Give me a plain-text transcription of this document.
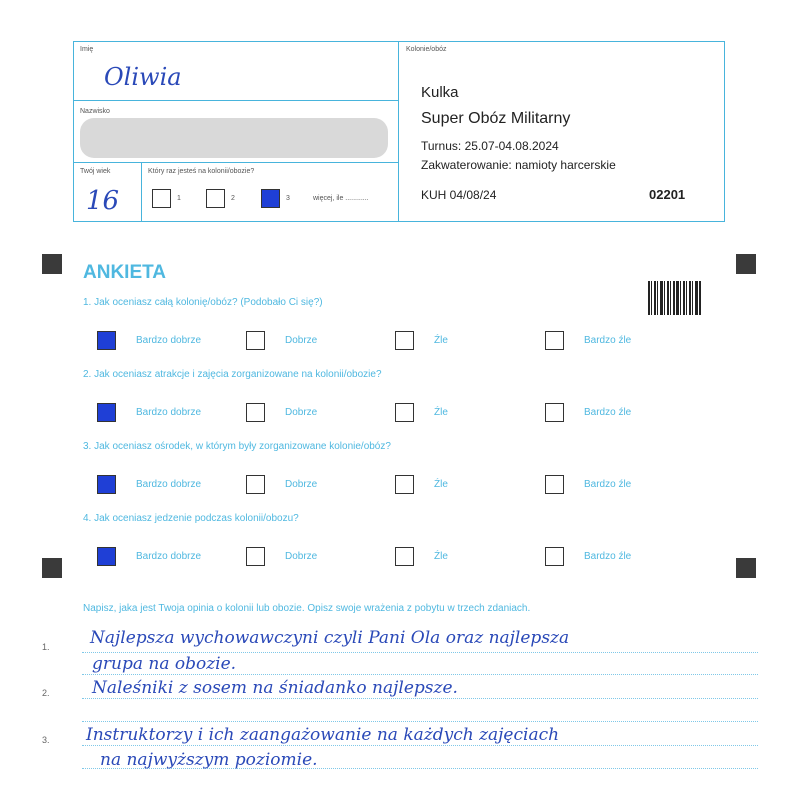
Imię
Oliwia
Nazwisko
Twój wiek
16
Który raz jesteś na kolonii/obozie?
1	2	3	więcej, ile ............
Kolonie/obóz
Kulka
Super Obóz Militarny
Turnus: 25.07-04.08.2024
Zakwaterowanie: namioty harcerskie
KUH 04/08/24	02201
ANKIETA
1. Jak oceniasz całą kolonię/obóz? (Podobało Ci się?)
Bardzo dobrze	Dobrze	Źle	Bardzo źle
2. Jak oceniasz atrakcje i zajęcia zorganizowane na kolonii/obozie?
Bardzo dobrze	Dobrze	Źle	Bardzo źle
3. Jak oceniasz ośrodek, w którym były zorganizowane kolonie/obóz?
Bardzo dobrze	Dobrze	Źle	Bardzo źle
4. Jak oceniasz jedzenie podczas kolonii/obozu?
Bardzo dobrze	Dobrze	Źle	Bardzo źle
Napisz, jaka jest Twoja opinia o kolonii lub obozie. Opisz swoje wrażenia z pobytu w trzech zdaniach.
1.
2.
3.
Najlepsza wychowawczyni czyli Pani Ola oraz najlepsza
grupa na obozie.
Naleśniki z sosem na śniadanko najlepsze.
Instruktorzy i ich zaangażowanie na każdych zajęciach
na najwyższym poziomie.
